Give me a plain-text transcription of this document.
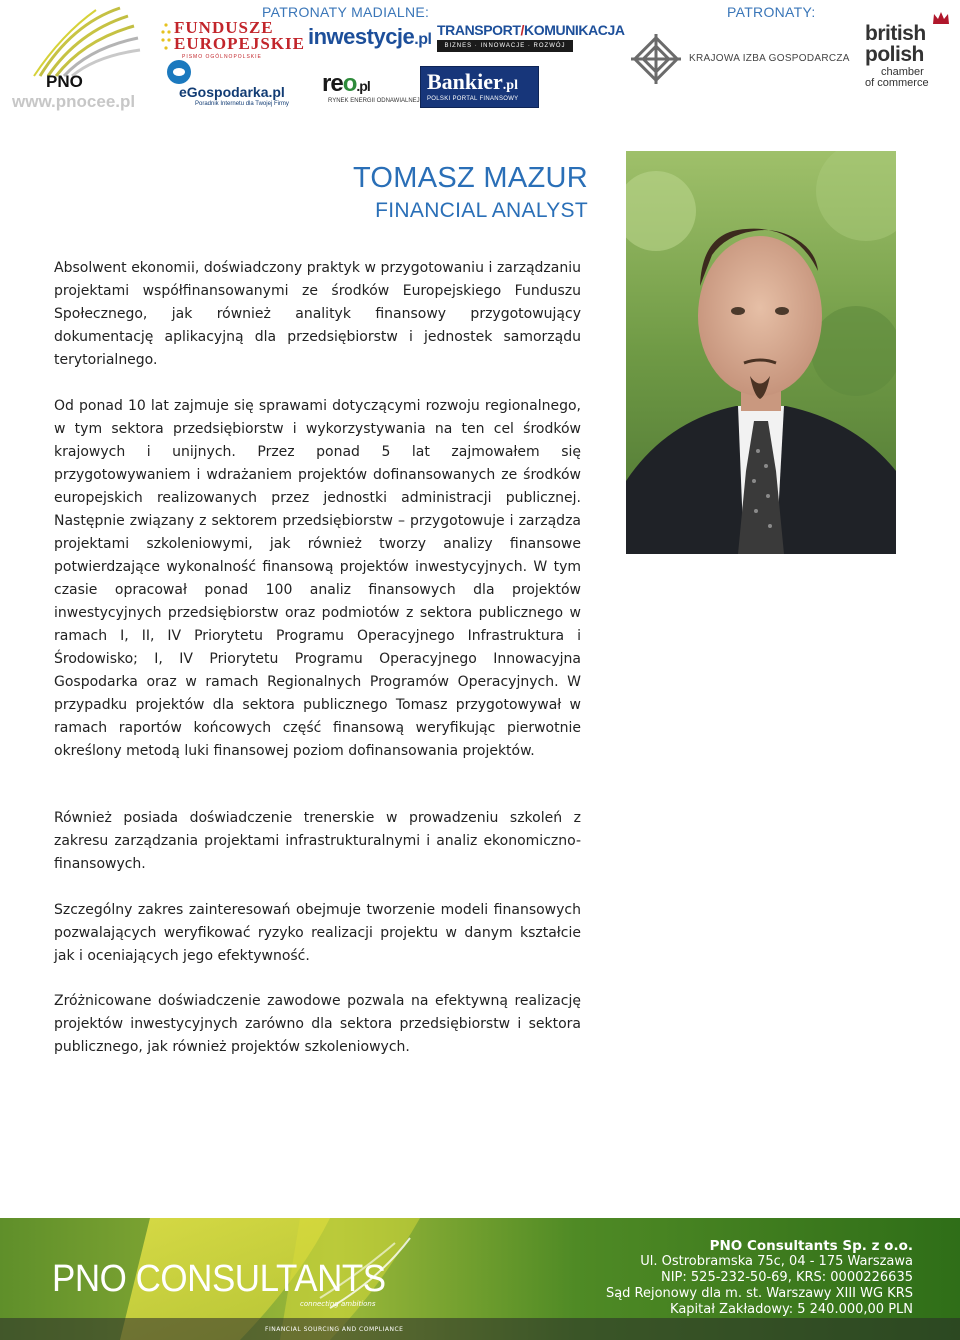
PNO
www.pnocee.pl
PATRONATY MADIALNE:	PATRONATY:
FUNDUSZE
EUROPEJSKIE
PISMO OGÓLNOPOLSKIE
inwestycje.pl
TRANSPORT/KOMUNIKACJA
BIZNES · INNOWACJE · ROZWÓJ
eGospodarka.pl
Poradnik Internetu dla Twojej Firmy
reo.pl
RYNEK ENERGII ODNAWIALNEJ
Bankier.pl
POLSKI PORTAL FINANSOWY
KRAJOWA IZBA GOSPODARCZA
british
polish
chamber
of commerce
TOMASZ MAZUR
FINANCIAL ANALYST
Absolwent ekonomii, doświadczony praktyk w przygotowaniu i zarządzaniu projektami współfinansowanymi ze środków Europejskiego Funduszu Społecznego, jak również analityk finansowy przygotowujący dokumentację aplikacyjną dla przedsiębiorstw i jednostek samorządu terytorialnego.
Od ponad 10 lat zajmuje się sprawami dotyczącymi rozwoju regionalnego, w tym sektora przedsiębiorstw i wykorzystywania na ten cel środków krajowych i unijnych. Przez ponad 5 lat zajmowałem się przygotowywaniem i wdrażaniem projektów dofinansowanych ze środków europejskich realizowanych przez jednostki administracji publicznej. Następnie związany z sektorem przedsiębiorstw – przygotowuje i zarządza projektami szkoleniowymi, jak również tworzy analizy finansowe potwierdzające wykonalność finansową projektów inwestycyjnych. W tym czasie opracował ponad 100 analiz finansowych dla projektów inwestycyjnych przedsiębiorstw oraz podmiotów z sektora publicznego w ramach I, II, IV Priorytetu Programu Operacyjnego Infrastruktura i Środowisko; I, IV Priorytetu Programu Operacyjnego Innowacyjna Gospodarka oraz w ramach Regionalnych Programów Operacyjnych. W przypadku projektów dla sektora publicznego Tomasz przygotowywał w ramach raportów końcowych część finansową weryfikując pierwotnie określony metodą luki finansowej poziom dofinansowania projektów.
Również posiada doświadczenie trenerskie w prowadzeniu szkoleń z zakresu zarządzania projektami infrastrukturalnymi i analiz ekonomiczno-finansowych.
Szczególny zakres zainteresowań obejmuje tworzenie modeli finansowych pozwalających weryfikować ryzyko realizacji projektu w danym kształcie jak i oceniających jego efektywność.
Zróżnicowane doświadczenie zawodowe pozwala na efektywną realizację projektów inwestycyjnych zarówno dla sektora przedsiębiorstw i sektora publicznego, jak również projektów szkoleniowych.
PNO CONSULTANTS
connecting ambitions
FINANCIAL SOURCING AND COMPLIANCE
PNO Consultants Sp. z o.o.
Ul. Ostrobramska 75c, 04 - 175 Warszawa
NIP: 525-232-50-69, KRS: 0000226635
Sąd Rejonowy dla m. st. Warszawy XIII WG KRS
Kapitał Zakładowy: 5 240.000,00 PLN
